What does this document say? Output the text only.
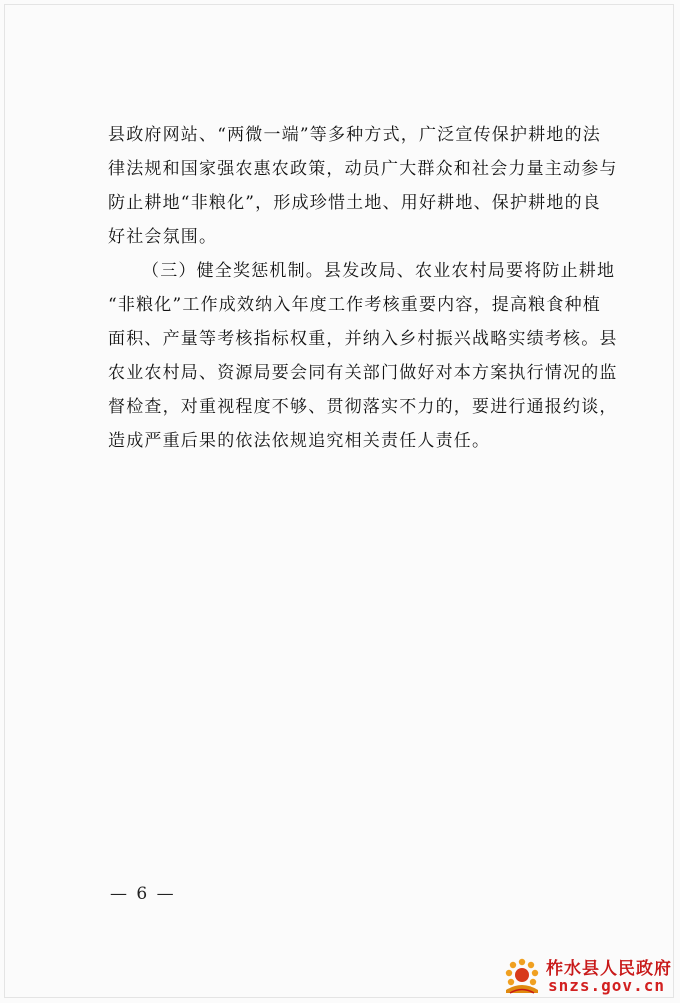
县政府网站、“两微一端”等多种方式，广泛宣传保护耕地的法
律法规和国家强农惠农政策，动员广大群众和社会力量主动参与
防止耕地“非粮化”，形成珍惜土地、用好耕地、保护耕地的良
好社会氛围。
（三）健全奖惩机制。县发改局、农业农村局要将防止耕地
“非粮化”工作成效纳入年度工作考核重要内容，提高粮食种植
面积、产量等考核指标权重，并纳入乡村振兴战略实绩考核。县
农业农村局、资源局要会同有关部门做好对本方案执行情况的监
督检查，对重视程度不够、贯彻落实不力的，要进行通报约谈，
造成严重后果的依法依规追究相关责任人责任。
— 6 —
柞水县人民政府
snzs.gov.cn
